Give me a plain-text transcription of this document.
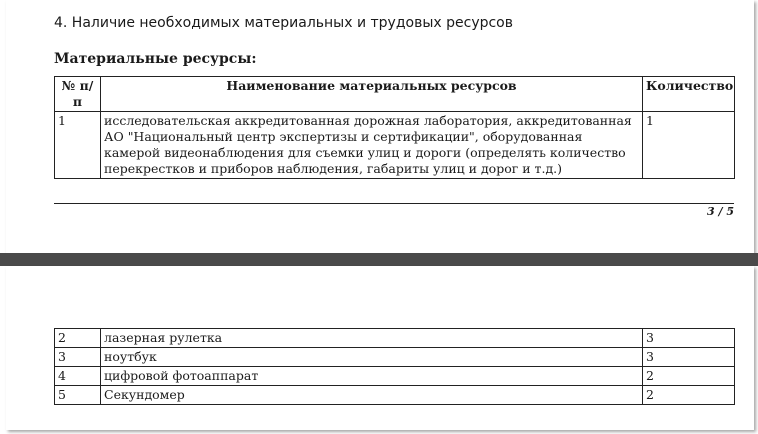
4. Наличие необходимых материальных и трудовых ресурсов
Материальные ресурсы:
№ п/п	Наименование материальных ресурсов	Количество
1	исследовательская аккредитованная дорожная лаборатория, аккредитованная АО "Национальный центр экспертизы и сертификации", оборудованная камерой видеонаблюдения для съемки улиц и дороги (определять количество перекрестков и приборов наблюдения, габариты улиц и дорог и т.д.)	1
3 / 5
2	лазерная рулетка	3
3	ноутбук	3
4	цифровой фотоаппарат	2
5	Секундомер	2
